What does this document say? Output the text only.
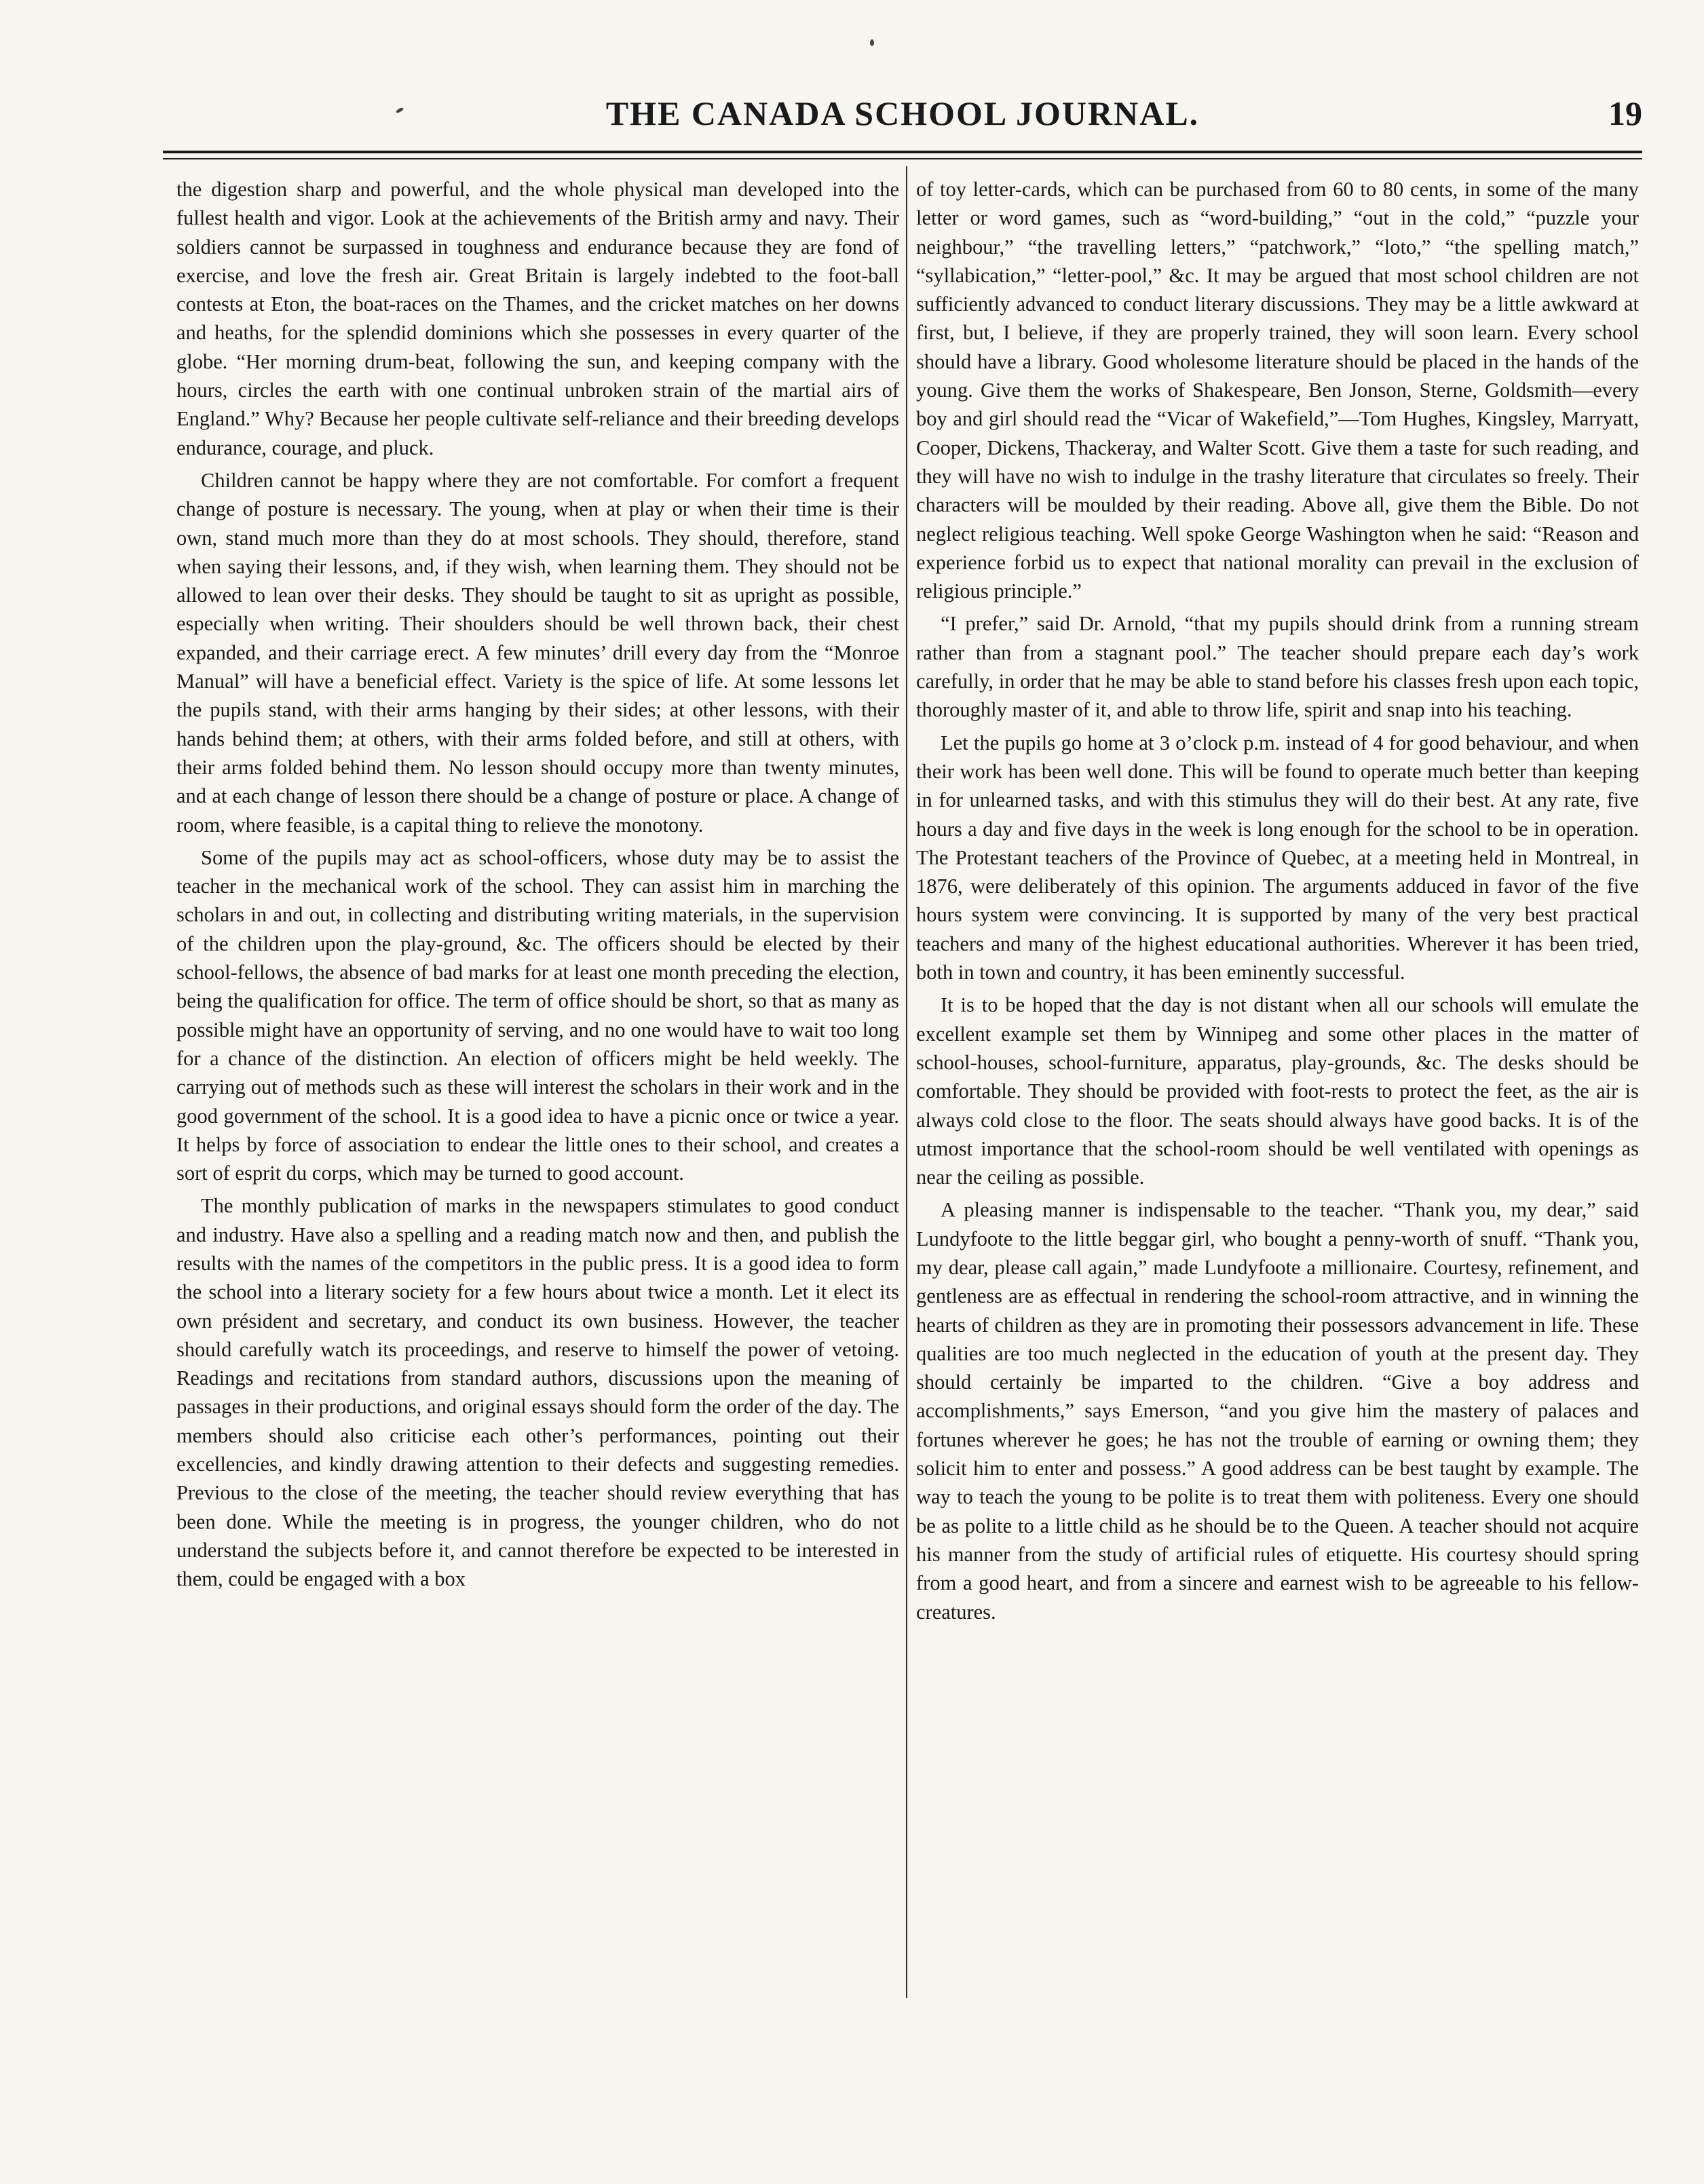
THE CANADA SCHOOL JOURNAL.	19

the digestion sharp and powerful, and the whole physical man developed into the fullest health and vigor. Look at the achievements of the British army and navy. Their soldiers cannot be surpassed in toughness and endurance because they are fond of exercise, and love the fresh air. Great Britain is largely indebted to the foot-ball contests at Eton, the boat-races on the Thames, and the cricket matches on her downs and heaths, for the splendid dominions which she possesses in every quarter of the globe. “Her morning drum-beat, following the sun, and keeping company with the hours, circles the earth with one continual unbroken strain of the martial airs of England.” Why? Because her people cultivate self-reliance and their breeding develops endurance, courage, and pluck.

Children cannot be happy where they are not comfortable. For comfort a frequent change of posture is necessary. The young, when at play or when their time is their own, stand much more than they do at most schools. They should, therefore, stand when saying their lessons, and, if they wish, when learning them. They should not be allowed to lean over their desks. They should be taught to sit as upright as possible, especially when writing. Their shoulders should be well thrown back, their chest expanded, and their carriage erect. A few minutes’ drill every day from the “Monroe Manual” will have a beneficial effect. Variety is the spice of life. At some lessons let the pupils stand, with their arms hanging by their sides; at other lessons, with their hands behind them; at others, with their arms folded before, and still at others, with their arms folded behind them. No lesson should occupy more than twenty minutes, and at each change of lesson there should be a change of posture or place. A change of room, where feasible, is a capital thing to relieve the monotony.

Some of the pupils may act as school-officers, whose duty may be to assist the teacher in the mechanical work of the school. They can assist him in marching the scholars in and out, in collecting and distributing writing materials, in the supervision of the children upon the play-ground, &c. The officers should be elected by their school-fellows, the absence of bad marks for at least one month preceding the election, being the qualification for office. The term of office should be short, so that as many as possible might have an opportunity of serving, and no one would have to wait too long for a chance of the distinction. An election of officers might be held weekly. The carrying out of methods such as these will interest the scholars in their work and in the good government of the school. It is a good idea to have a picnic once or twice a year. It helps by force of association to endear the little ones to their school, and creates a sort of esprit du corps, which may be turned to good account.

The monthly publication of marks in the newspapers stimulates to good conduct and industry. Have also a spelling and a reading match now and then, and publish the results with the names of the competitors in the public press. It is a good idea to form the school into a literary society for a few hours about twice a month. Let it elect its own président and secretary, and conduct its own business. However, the teacher should carefully watch its proceedings, and reserve to himself the power of vetoing. Readings and recitations from standard authors, discussions upon the meaning of passages in their productions, and original essays should form the order of the day. The members should also criticise each other’s performances, pointing out their excellencies, and kindly drawing attention to their defects and suggesting remedies. Previous to the close of the meeting, the teacher should review everything that has been done. While the meeting is in progress, the younger children, who do not understand the subjects before it, and cannot therefore be expected to be interested in them, could be engaged with a box

of toy letter-cards, which can be purchased from 60 to 80 cents, in some of the many letter or word games, such as “word-building,” “out in the cold,” “puzzle your neighbour,” “the travelling letters,” “patchwork,” “loto,” “the spelling match,” “syllabication,” “letter-pool,” &c. It may be argued that most school children are not sufficiently advanced to conduct literary discussions. They may be a little awkward at first, but, I believe, if they are properly trained, they will soon learn. Every school should have a library. Good wholesome literature should be placed in the hands of the young. Give them the works of Shakespeare, Ben Jonson, Sterne, Goldsmith—every boy and girl should read the “Vicar of Wakefield,”—Tom Hughes, Kingsley, Marryatt, Cooper, Dickens, Thackeray, and Walter Scott. Give them a taste for such reading, and they will have no wish to indulge in the trashy literature that circulates so freely. Their characters will be moulded by their reading. Above all, give them the Bible. Do not neglect religious teaching. Well spoke George Washington when he said: “Reason and experience forbid us to expect that national morality can prevail in the exclusion of religious principle.”

“I prefer,” said Dr. Arnold, “that my pupils should drink from a running stream rather than from a stagnant pool.” The teacher should prepare each day’s work carefully, in order that he may be able to stand before his classes fresh upon each topic, thoroughly master of it, and able to throw life, spirit and snap into his teaching.

Let the pupils go home at 3 o’clock p.m. instead of 4 for good behaviour, and when their work has been well done. This will be found to operate much better than keeping in for unlearned tasks, and with this stimulus they will do their best. At any rate, five hours a day and five days in the week is long enough for the school to be in operation. The Protestant teachers of the Province of Quebec, at a meeting held in Montreal, in 1876, were deliberately of this opinion. The arguments adduced in favor of the five hours system were convincing. It is supported by many of the very best practical teachers and many of the highest educational authorities. Wherever it has been tried, both in town and country, it has been eminently successful.

It is to be hoped that the day is not distant when all our schools will emulate the excellent example set them by Winnipeg and some other places in the matter of school-houses, school-furniture, apparatus, play-grounds, &c. The desks should be comfortable. They should be provided with foot-rests to protect the feet, as the air is always cold close to the floor. The seats should always have good backs. It is of the utmost importance that the school-room should be well ventilated with openings as near the ceiling as possible.

A pleasing manner is indispensable to the teacher. “Thank you, my dear,” said Lundyfoote to the little beggar girl, who bought a penny-worth of snuff. “Thank you, my dear, please call again,” made Lundyfoote a millionaire. Courtesy, refinement, and gentleness are as effectual in rendering the school-room attractive, and in winning the hearts of children as they are in promoting their possessors advancement in life. These qualities are too much neglected in the education of youth at the present day. They should certainly be imparted to the children. “Give a boy address and accomplishments,” says Emerson, “and you give him the mastery of palaces and fortunes wherever he goes; he has not the trouble of earning or owning them; they solicit him to enter and possess.” A good address can be best taught by example. The way to teach the young to be polite is to treat them with politeness. Every one should be as polite to a little child as he should be to the Queen. A teacher should not acquire his manner from the study of artificial rules of etiquette. His courtesy should spring from a good heart, and from a sincere and earnest wish to be agreeable to his fellow-creatures.
